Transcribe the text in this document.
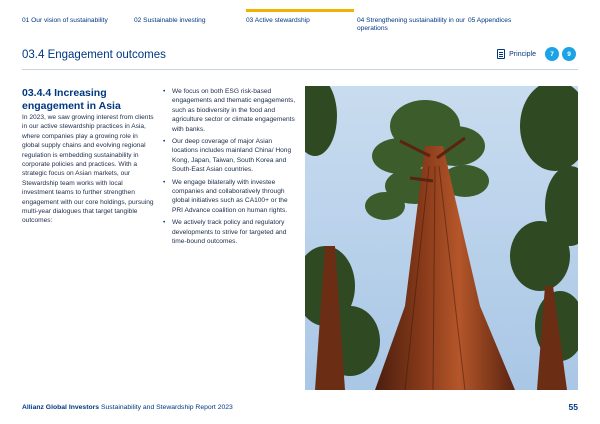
01 Our vision of sustainability	02 Sustainable investing	03 Active stewardship	04 Strengthening sustainability in our operations
05 Appendices
03.4 Engagement outcomes	Principle	7	9
03.4.4 Increasing engagement in Asia

In 2023, we saw growing interest from clients in our active stewardship practices in Asia, where companies play a growing role in global supply chains and evolving regional regulation is embedding sustainability in corporate policies and practices. With a strategic focus on Asian markets, our Stewardship team works with local investment teams to further strengthen engagement with our core holdings, pursuing multi-year dialogues that target tangible outcomes:

• We focus on both ESG risk-based engagements and thematic engagements, such as biodiversity in the food and agriculture sector or climate engagements with banks.
• Our deep coverage of major Asian locations includes mainland China/ Hong Kong, Japan, Taiwan, South Korea and South-East Asian countries.
• We engage bilaterally with investee companies and collaboratively through global initiatives such as CA100+ or the PRI Advance coalition on human rights.
• We actively track policy and regulatory developments to strive for targeted and time-bound outcomes.
Allianz Global Investors Sustainability and Stewardship Report 2023	55
